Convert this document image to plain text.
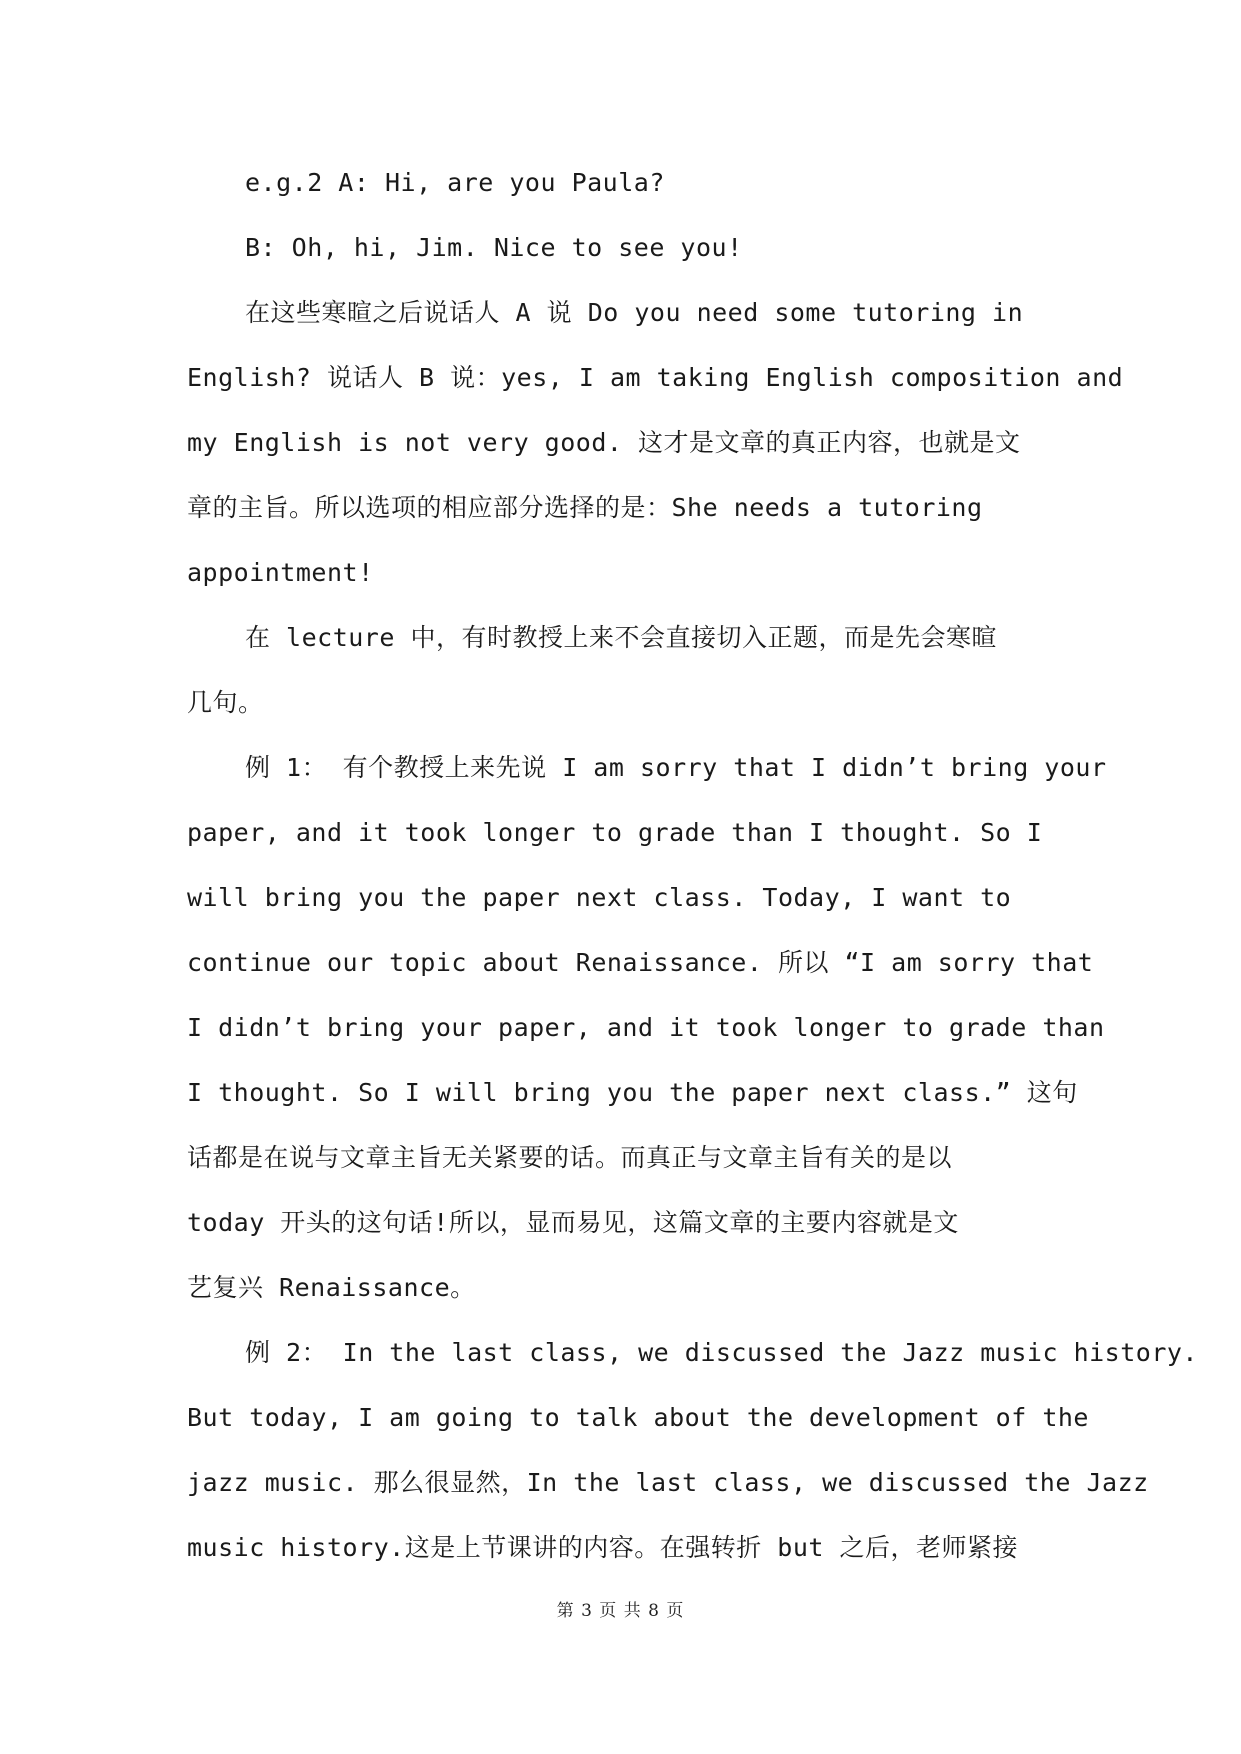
e.g.2 A: Hi, are you Paula?
B: Oh, hi, Jim. Nice to see you!
在这些寒暄之后说话人 A 说 Do you need some tutoring in
English? 说话人 B 说：yes, I am taking English composition and
my English is not very good. 这才是文章的真正内容，也就是文
章的主旨。所以选项的相应部分选择的是：She needs a tutoring
appointment!
在 lecture 中，有时教授上来不会直接切入正题，而是先会寒暄
几句。
例 1： 有个教授上来先说 I am sorry that I didn’t bring your
paper, and it took longer to grade than I thought. So I
will bring you the paper next class. Today, I want to
continue our topic about Renaissance. 所以 “I am sorry that
I didn’t bring your paper, and it took longer to grade than
I thought. So I will bring you the paper next class.” 这句
话都是在说与文章主旨无关紧要的话。而真正与文章主旨有关的是以
today 开头的这句话!所以，显而易见，这篇文章的主要内容就是文
艺复兴 Renaissance。
例 2： In the last class, we discussed the Jazz music history.
But today, I am going to talk about the development of the
jazz music. 那么很显然，In the last class, we discussed the Jazz
music history.这是上节课讲的内容。在强转折 but 之后，老师紧接
第 3 页 共 8 页
